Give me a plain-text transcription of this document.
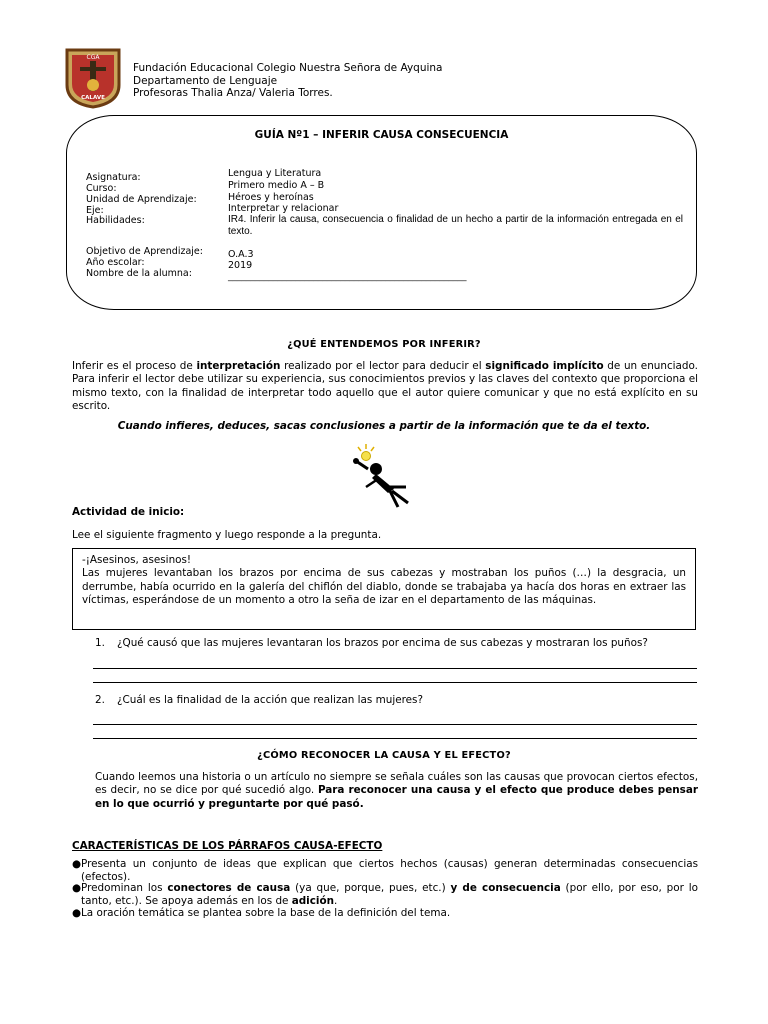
CGA
CALAVE
Fundación Educacional Colegio Nuestra Señora de Ayquina
Departamento de Lenguaje
Profesoras Thalia Anza/ Valeria Torres.
GUÍA Nº1 – INFERIR CAUSA CONSECUENCIA
Asignatura:	Lengua y Literatura
Curso:	Primero medio A – B
Unidad de Aprendizaje:	Héroes y heroínas
Eje:	Interpretar y relacionar
Habilidades:	IR4. Inferir la causa, consecuencia o finalidad de un hecho a partir de la información entregada en el texto.
Objetivo de Aprendizaje:	O.A.3
Año escolar:	2019
Nombre de la alumna:	_____________________________________________________
¿QUÉ ENTENDEMOS POR INFERIR?
Inferir es el proceso de interpretación realizado por el lector para deducir el significado implícito de un enunciado. Para inferir el lector debe utilizar su experiencia, sus conocimientos previos y las claves del contexto que proporciona el mismo texto, con la finalidad de interpretar todo aquello que el autor quiere comunicar y que no está explícito en su escrito.
Cuando infieres, deduces, sacas conclusiones a partir de la información que te da el texto.
Actividad de inicio:
Lee el siguiente fragmento y luego responde a la pregunta.
-¡Asesinos, asesinos!
Las mujeres levantaban los brazos por encima de sus cabezas y mostraban los puños (…) la desgracia, un derrumbe, había ocurrido en la galería del chiflón del diablo, donde se trabajaba ya hacía dos horas en extraer las víctimas, esperándose de un momento a otro la seña de izar en el departamento de las máquinas.
1. ¿Qué causó que las mujeres levantaran los brazos por encima de sus cabezas y mostraran los puños?
2. ¿Cuál es la finalidad de la acción que realizan las mujeres?
¿CÓMO RECONOCER LA CAUSA Y EL EFECTO?
Cuando leemos una historia o un artículo no siempre se señala cuáles son las causas que provocan ciertos efectos, es decir, no se dice por qué sucedió algo. Para reconocer una causa y el efecto que produce debes pensar en lo que ocurrió y preguntarte por qué pasó.
CARACTERÍSTICAS DE LOS PÁRRAFOS CAUSA-EFECTO
● Presenta un conjunto de ideas que explican que ciertos hechos (causas) generan determinadas consecuencias (efectos).
● Predominan los conectores de causa (ya que, porque, pues, etc.) y de consecuencia (por ello, por eso, por lo tanto, etc.). Se apoya además en los de adición.
● La oración temática se plantea sobre la base de la definición del tema.
